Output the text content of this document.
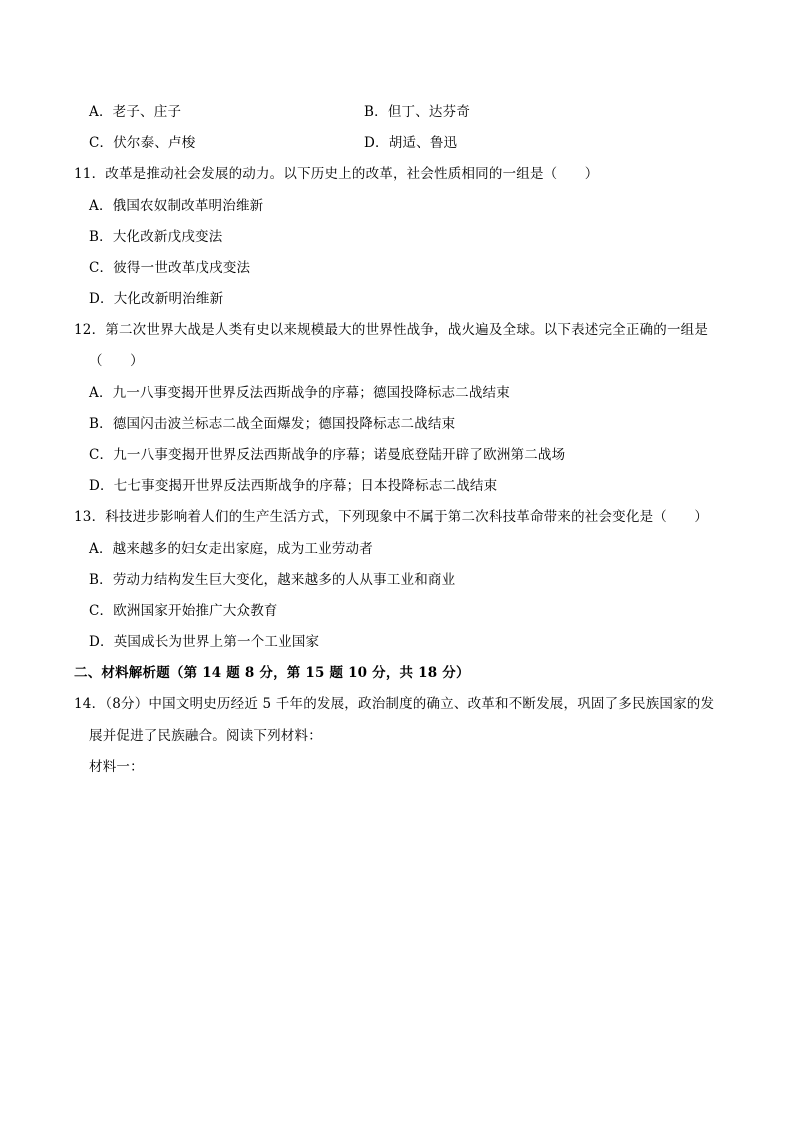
A．老子、庄子	B．但丁、达芬奇
C．伏尔泰、卢梭	D．胡适、鲁迅
11．改革是推动社会发展的动力。以下历史上的改革，社会性质相同的一组是（　　）
A．俄国农奴制改革明治维新
B．大化改新戊戌变法
C．彼得一世改革戊戌变法
D．大化改新明治维新
12．第二次世界大战是人类有史以来规模最大的世界性战争，战火遍及全球。以下表述完全正确的一组是
（　　）
A．九一八事变揭开世界反法西斯战争的序幕；德国投降标志二战结束
B．德国闪击波兰标志二战全面爆发；德国投降标志二战结束
C．九一八事变揭开世界反法西斯战争的序幕；诺曼底登陆开辟了欧洲第二战场
D．七七事变揭开世界反法西斯战争的序幕；日本投降标志二战结束
13．科技进步影响着人们的生产生活方式，下列现象中不属于第二次科技革命带来的社会变化是（　　）
A．越来越多的妇女走出家庭，成为工业劳动者
B．劳动力结构发生巨大变化，越来越多的人从事工业和商业
C．欧洲国家开始推广大众教育
D．英国成长为世界上第一个工业国家
二、材料解析题（第 14 题 8 分，第 15 题 10 分，共 18 分）
14．（8分）中国文明史历经近 5 千年的发展，政治制度的确立、改革和不断发展，巩固了多民族国家的发
展并促进了民族融合。阅读下列材料：
材料一：
